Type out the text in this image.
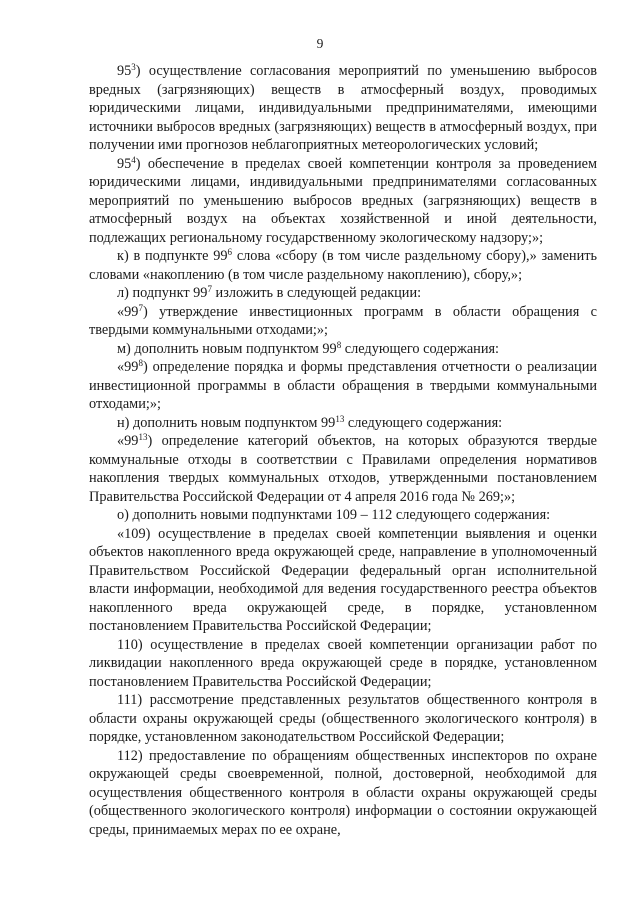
9

$95^3$) осуществление согласования мероприятий по уменьшению выбросов вредных (загрязняющих) веществ в атмосферный воздух, проводимых юридическими лицами, индивидуальными предпринимателями, имеющими источники выбросов вредных (загрязняющих) веществ в атмосферный воздух, при получении ими прогнозов неблагоприятных метеорологических условий;

$95^4$) обеспечение в пределах своей компетенции контроля за проведением юридическими лицами, индивидуальными предпринимателями согласованных мероприятий по уменьшению выбросов вредных (загрязняющих) веществ в атмосферный воздух на объектах хозяйственной и иной деятельности, подлежащих региональному государственному экологическому надзору;»;

к) в подпункте $99^6$ слова «сбору (в том числе раздельному сбору),» заменить словами «накоплению (в том числе раздельному накоплению), сбору,»;

л) подпункт $99^7$ изложить в следующей редакции:

«$99^7$) утверждение инвестиционных программ в области обращения с твердыми коммунальными отходами;»;

м) дополнить новым подпунктом $99^8$ следующего содержания:

«$99^8$) определение порядка и формы представления отчетности о реализации инвестиционной программы в области обращения в твердыми коммунальными отходами;»;

н) дополнить новым подпунктом $99^{13}$ следующего содержания:

«$99^{13}$) определение категорий объектов, на которых образуются твердые коммунальные отходы в соответствии с Правилами определения нормативов накопления твердых коммунальных отходов, утвержденными постановлением Правительства Российской Федерации от 4 апреля 2016 года № 269;»;

о) дополнить новыми подпунктами 109 – 112 следующего содержания:

«109) осуществление в пределах своей компетенции выявления и оценки объектов накопленного вреда окружающей среде, направление в уполномоченный Правительством Российской Федерации федеральный орган исполнительной власти информации, необходимой для ведения государственного реестра объектов накопленного вреда окружающей среде, в порядке, установленном постановлением Правительства Российской Федерации;

110) осуществление в пределах своей компетенции организации работ по ликвидации накопленного вреда окружающей среде в порядке, установленном постановлением Правительства Российской Федерации;

111) рассмотрение представленных результатов общественного контроля в области охраны окружающей среды (общественного экологического контроля) в порядке, установленном законодательством Российской Федерации;

112) предоставление по обращениям общественных инспекторов по охране окружающей среды своевременной, полной, достоверной, необходимой для осуществления общественного контроля в области охраны окружающей среды (общественного экологического контроля) информации о состоянии окружающей среды, принимаемых мерах по ее охране,
